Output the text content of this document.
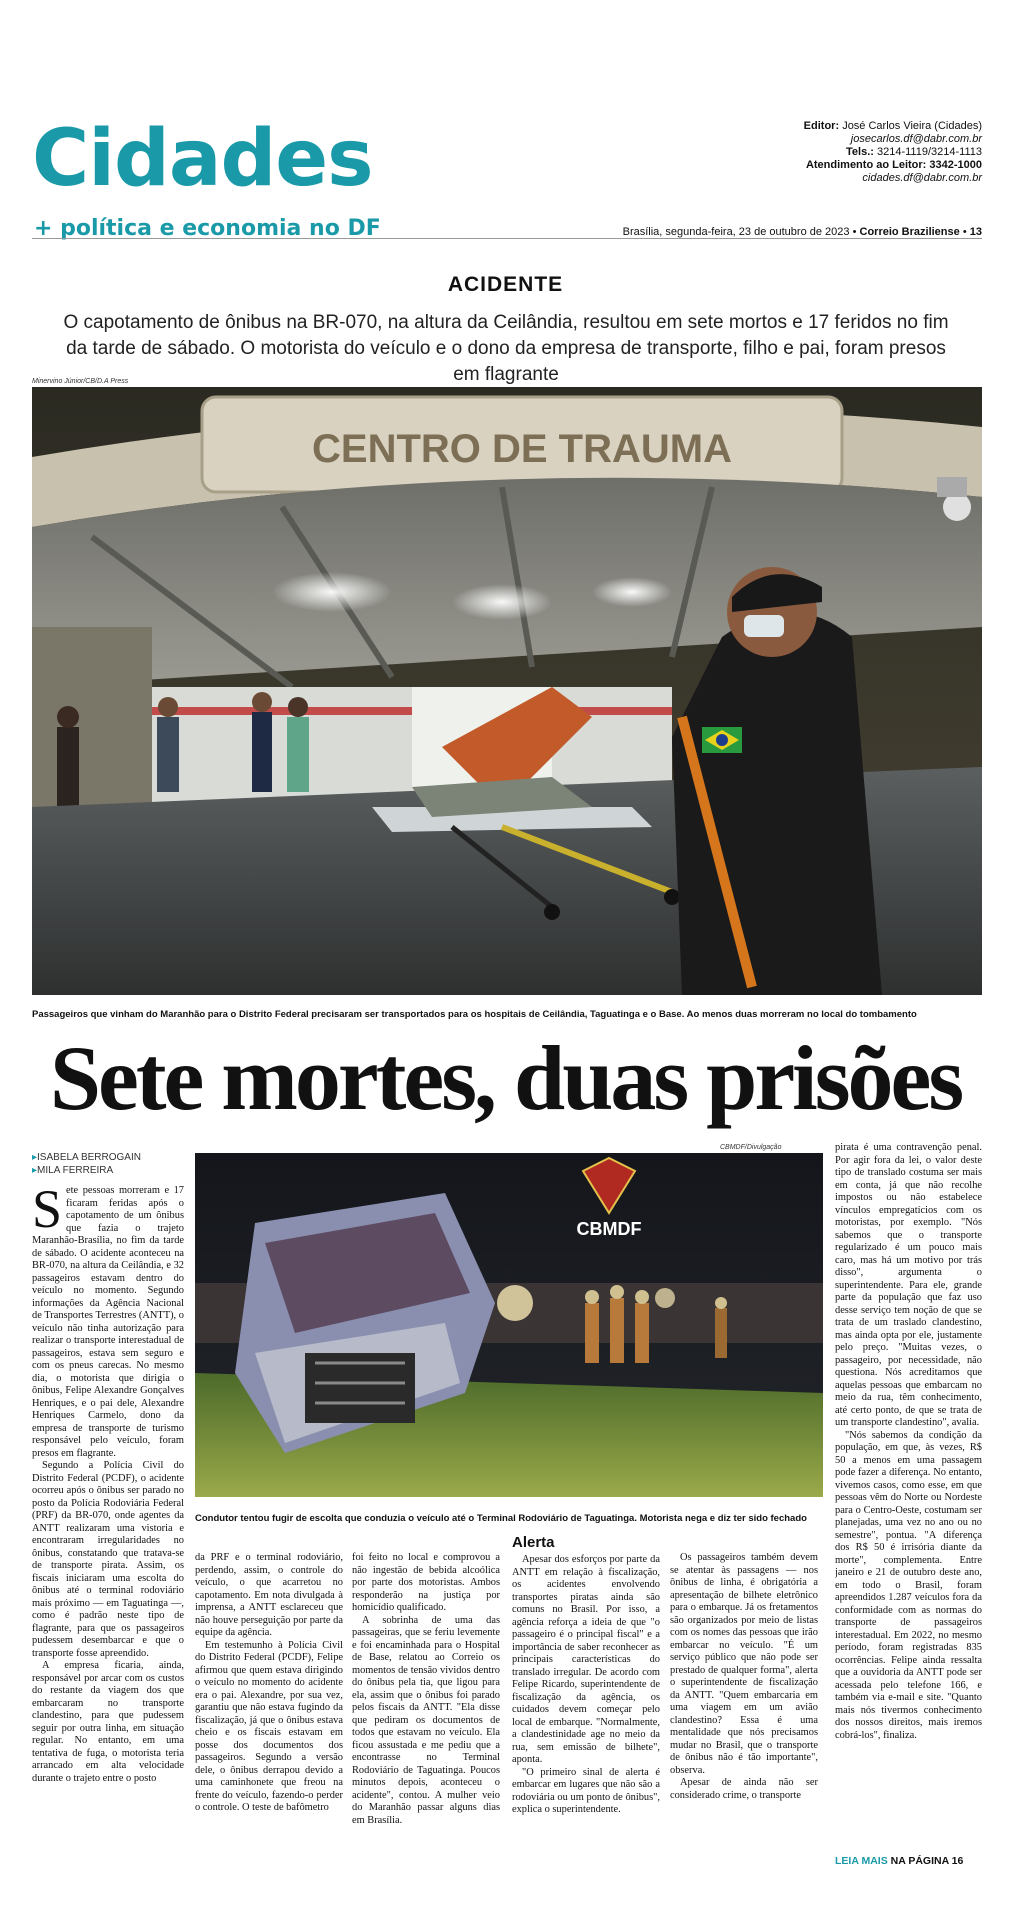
Cidades
+ política e economia no DF
Editor: José Carlos Vieira (Cidades)
josecarlos.df@dabr.com.br
Tels.: 3214-1119/3214-1113
Atendimento ao Leitor: 3342-1000
cidades.df@dabr.com.br
Brasília, segunda-feira, 23 de outubro de 2023 • Correio Braziliense • 13
ACIDENTE
O capotamento de ônibus na BR-070, na altura da Ceilândia, resultou em sete mortos e 17 feridos no fim da tarde de sábado. O motorista do veículo e o dono da empresa de transporte, filho e pai, foram presos em flagrante
Minervino Júnior/CB/D.A Press
CENTRO DE TRAUMA
Passageiros que vinham do Maranhão para o Distrito Federal precisaram ser transportados para os hospitais de Ceilândia, Taguatinga e o Base. Ao menos duas morreram no local do tombamento
Sete mortes, duas prisões
▸ ISABELA BERROGAIN
▸ MILA FERREIRA

Sete pessoas morreram e 17 ficaram feridas após o capotamento de um ônibus que fazia o trajeto Maranhão-Brasília, no fim da tarde de sábado. O acidente aconteceu na BR-070, na altura da Ceilândia, e 32 passageiros estavam dentro do veículo no momento. Segundo informações da Agência Nacional de Transportes Terrestres (ANTT), o veículo não tinha autorização para realizar o transporte interestadual de passageiros, estava sem seguro e com os pneus carecas. No mesmo dia, o motorista que dirigia o ônibus, Felipe Alexandre Gonçalves Henriques, e o pai dele, Alexandre Henriques Carmelo, dono da empresa de transporte de turismo responsável pelo veículo, foram presos em flagrante.

Segundo a Polícia Civil do Distrito Federal (PCDF), o acidente ocorreu após o ônibus ser parado no posto da Polícia Rodoviária Federal (PRF) da BR-070, onde agentes da ANTT realizaram uma vistoria e encontraram irregularidades no ônibus, constatando que tratava-se de transporte pirata. Assim, os fiscais iniciaram uma escolta do ônibus até o terminal rodoviário mais próximo — em Taguatinga —, como é padrão neste tipo de flagrante, para que os passageiros pudessem desembarcar e que o transporte fosse apreendido.

A empresa ficaria, ainda, responsável por arcar com os custos do restante da viagem dos que embarcaram no transporte clandestino, para que pudessem seguir por outra linha, em situação regular. No entanto, em uma tentativa de fuga, o motorista teria arrancado em alta velocidade durante o trajeto entre o posto

CBMDF/Divulgação
CBMDF
Condutor tentou fugir de escolta que conduzia o veículo até o Terminal Rodoviário de Taguatinga. Motorista nega e diz ter sido fechado

da PRF e o terminal rodoviário, perdendo, assim, o controle do veículo, o que acarretou no capotamento. Em nota divulgada à imprensa, a ANTT esclareceu que não houve perseguição por parte da equipe da agência.

Em testemunho à Polícia Civil do Distrito Federal (PCDF), Felipe afirmou que quem estava dirigindo o veículo no momento do acidente era o pai. Alexandre, por sua vez, garantiu que não estava fugindo da fiscalização, já que o ônibus estava cheio e os fiscais estavam em posse dos documentos dos passageiros. Segundo a versão dele, o ônibus derrapou devido a uma caminhonete que freou na frente do veículo, fazendo-o perder o controle. O teste de bafômetro

foi feito no local e comprovou a não ingestão de bebida alcoólica por parte dos motoristas. Ambos responderão na justiça por homicídio qualificado.

A sobrinha de uma das passageiras, que se feriu levemente e foi encaminhada para o Hospital de Base, relatou ao Correio os momentos de tensão vividos dentro do ônibus pela tia, que ligou para ela, assim que o ônibus foi parado pelos fiscais da ANTT. "Ela disse que pediram os documentos de todos que estavam no veículo. Ela ficou assustada e me pediu que a encontrasse no Terminal Rodoviário de Taguatinga. Poucos minutos depois, aconteceu o acidente", contou. A mulher veio do Maranhão passar alguns dias em Brasília.

Alerta

Apesar dos esforços por parte da ANTT em relação à fiscalização, os acidentes envolvendo transportes piratas ainda são comuns no Brasil. Por isso, a agência reforça a ideia de que "o passageiro é o principal fiscal" e a importância de saber reconhecer as principais características do translado irregular. De acordo com Felipe Ricardo, superintendente de fiscalização da agência, os cuidados devem começar pelo local de embarque. "Normalmente, a clandestinidade age no meio da rua, sem emissão de bilhete", aponta.

"O primeiro sinal de alerta é embarcar em lugares que não são a rodoviária ou um ponto de ônibus", explica o superintendente.

Os passageiros também devem se atentar às passagens — nos ônibus de linha, é obrigatória a apresentação de bilhete eletrônico para o embarque. Já os fretamentos são organizados por meio de listas com os nomes das pessoas que irão embarcar no veículo. "É um serviço público que não pode ser prestado de qualquer forma", alerta o superintendente de fiscalização da ANTT. "Quem embarcaria em uma viagem em um avião clandestino? Essa é uma mentalidade que nós precisamos mudar no Brasil, que o transporte de ônibus não é tão importante", observa.

Apesar de ainda não ser considerado crime, o transporte

pirata é uma contravenção penal. Por agir fora da lei, o valor deste tipo de translado costuma ser mais em conta, já que não recolhe impostos ou não estabelece vínculos empregatícios com os motoristas, por exemplo. "Nós sabemos que o transporte regularizado é um pouco mais caro, mas há um motivo por trás disso", argumenta o superintendente. Para ele, grande parte da população que faz uso desse serviço tem noção de que se trata de um traslado clandestino, mas ainda opta por ele, justamente pelo preço. "Muitas vezes, o passageiro, por necessidade, não questiona. Nós acreditamos que aquelas pessoas que embarcam no meio da rua, têm conhecimento, até certo ponto, de que se trata de um transporte clandestino", avalia.

"Nós sabemos da condição da população, em que, às vezes, R$ 50 a menos em uma passagem pode fazer a diferença. No entanto, vivemos casos, como esse, em que pessoas vêm do Norte ou Nordeste para o Centro-Oeste, costumam ser planejadas, uma vez no ano ou no semestre", pontua. "A diferença dos R$ 50 é irrisória diante da morte", complementa. Entre janeiro e 21 de outubro deste ano, em todo o Brasil, foram apreendidos 1.287 veículos fora da conformidade com as normas do transporte de passageiros interestadual. Em 2022, no mesmo período, foram registradas 835 ocorrências. Felipe ainda ressalta que a ouvidoria da ANTT pode ser acessada pelo telefone 166, e também via e-mail e site. "Quanto mais nós tivermos conhecimento dos nossos direitos, mais iremos cobrá-los", finaliza.

LEIA MAIS NA PÁGINA 16
